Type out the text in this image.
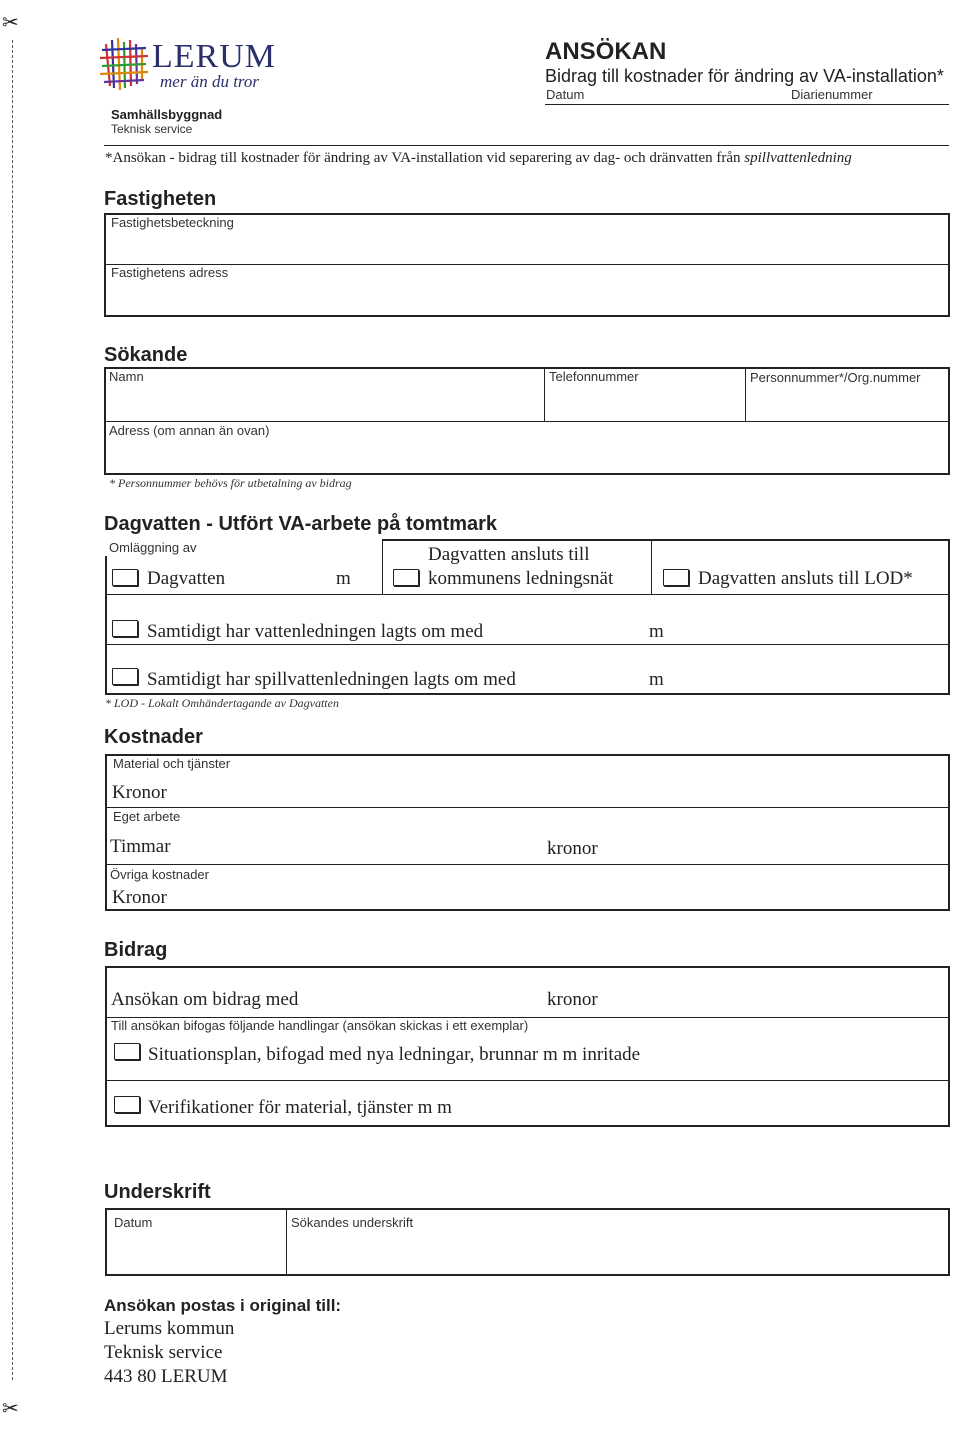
✂
✂
LERUM
mer än du tror
Samhällsbyggnad
Teknisk service
ANSÖKAN
Bidrag till kostnader för ändring av VA-installation*
Datum	Diarienummer
*Ansökan - bidrag till kostnader för ändring av VA-installation vid separering av dag- och dränvatten från spillvattenledning
Fastigheten
Fastighetsbeteckning
Fastighetens adress
Sökande
Namn	Telefonnummer	Personnummer*/Org.nummer
Adress (om annan än ovan)
* Personnummer behövs för utbetalning av bidrag
Dagvatten - Utfört VA-arbete på tomtmark
Omläggning av
Dagvatten	m
Dagvatten ansluts till
kommunens ledningsnät	Dagvatten ansluts till LOD*
Samtidigt har vattenledningen lagts om med	m
Samtidigt har spillvattenledningen lagts om med	m
* LOD - Lokalt Omhändertagande av Dagvatten
Kostnader
Material och tjänster
Kronor
Eget arbete
Timmar	kronor
Övriga kostnader
Kronor
Bidrag
Ansökan om bidrag med	kronor
Till ansökan bifogas följande handlingar (ansökan skickas i ett exemplar)
Situationsplan, bifogad med nya ledningar, brunnar m m inritade
Verifikationer för material, tjänster m m
Underskrift
Datum	Sökandes underskrift
Ansökan postas i original till:
Lerums kommun
Teknisk service
443 80 LERUM
